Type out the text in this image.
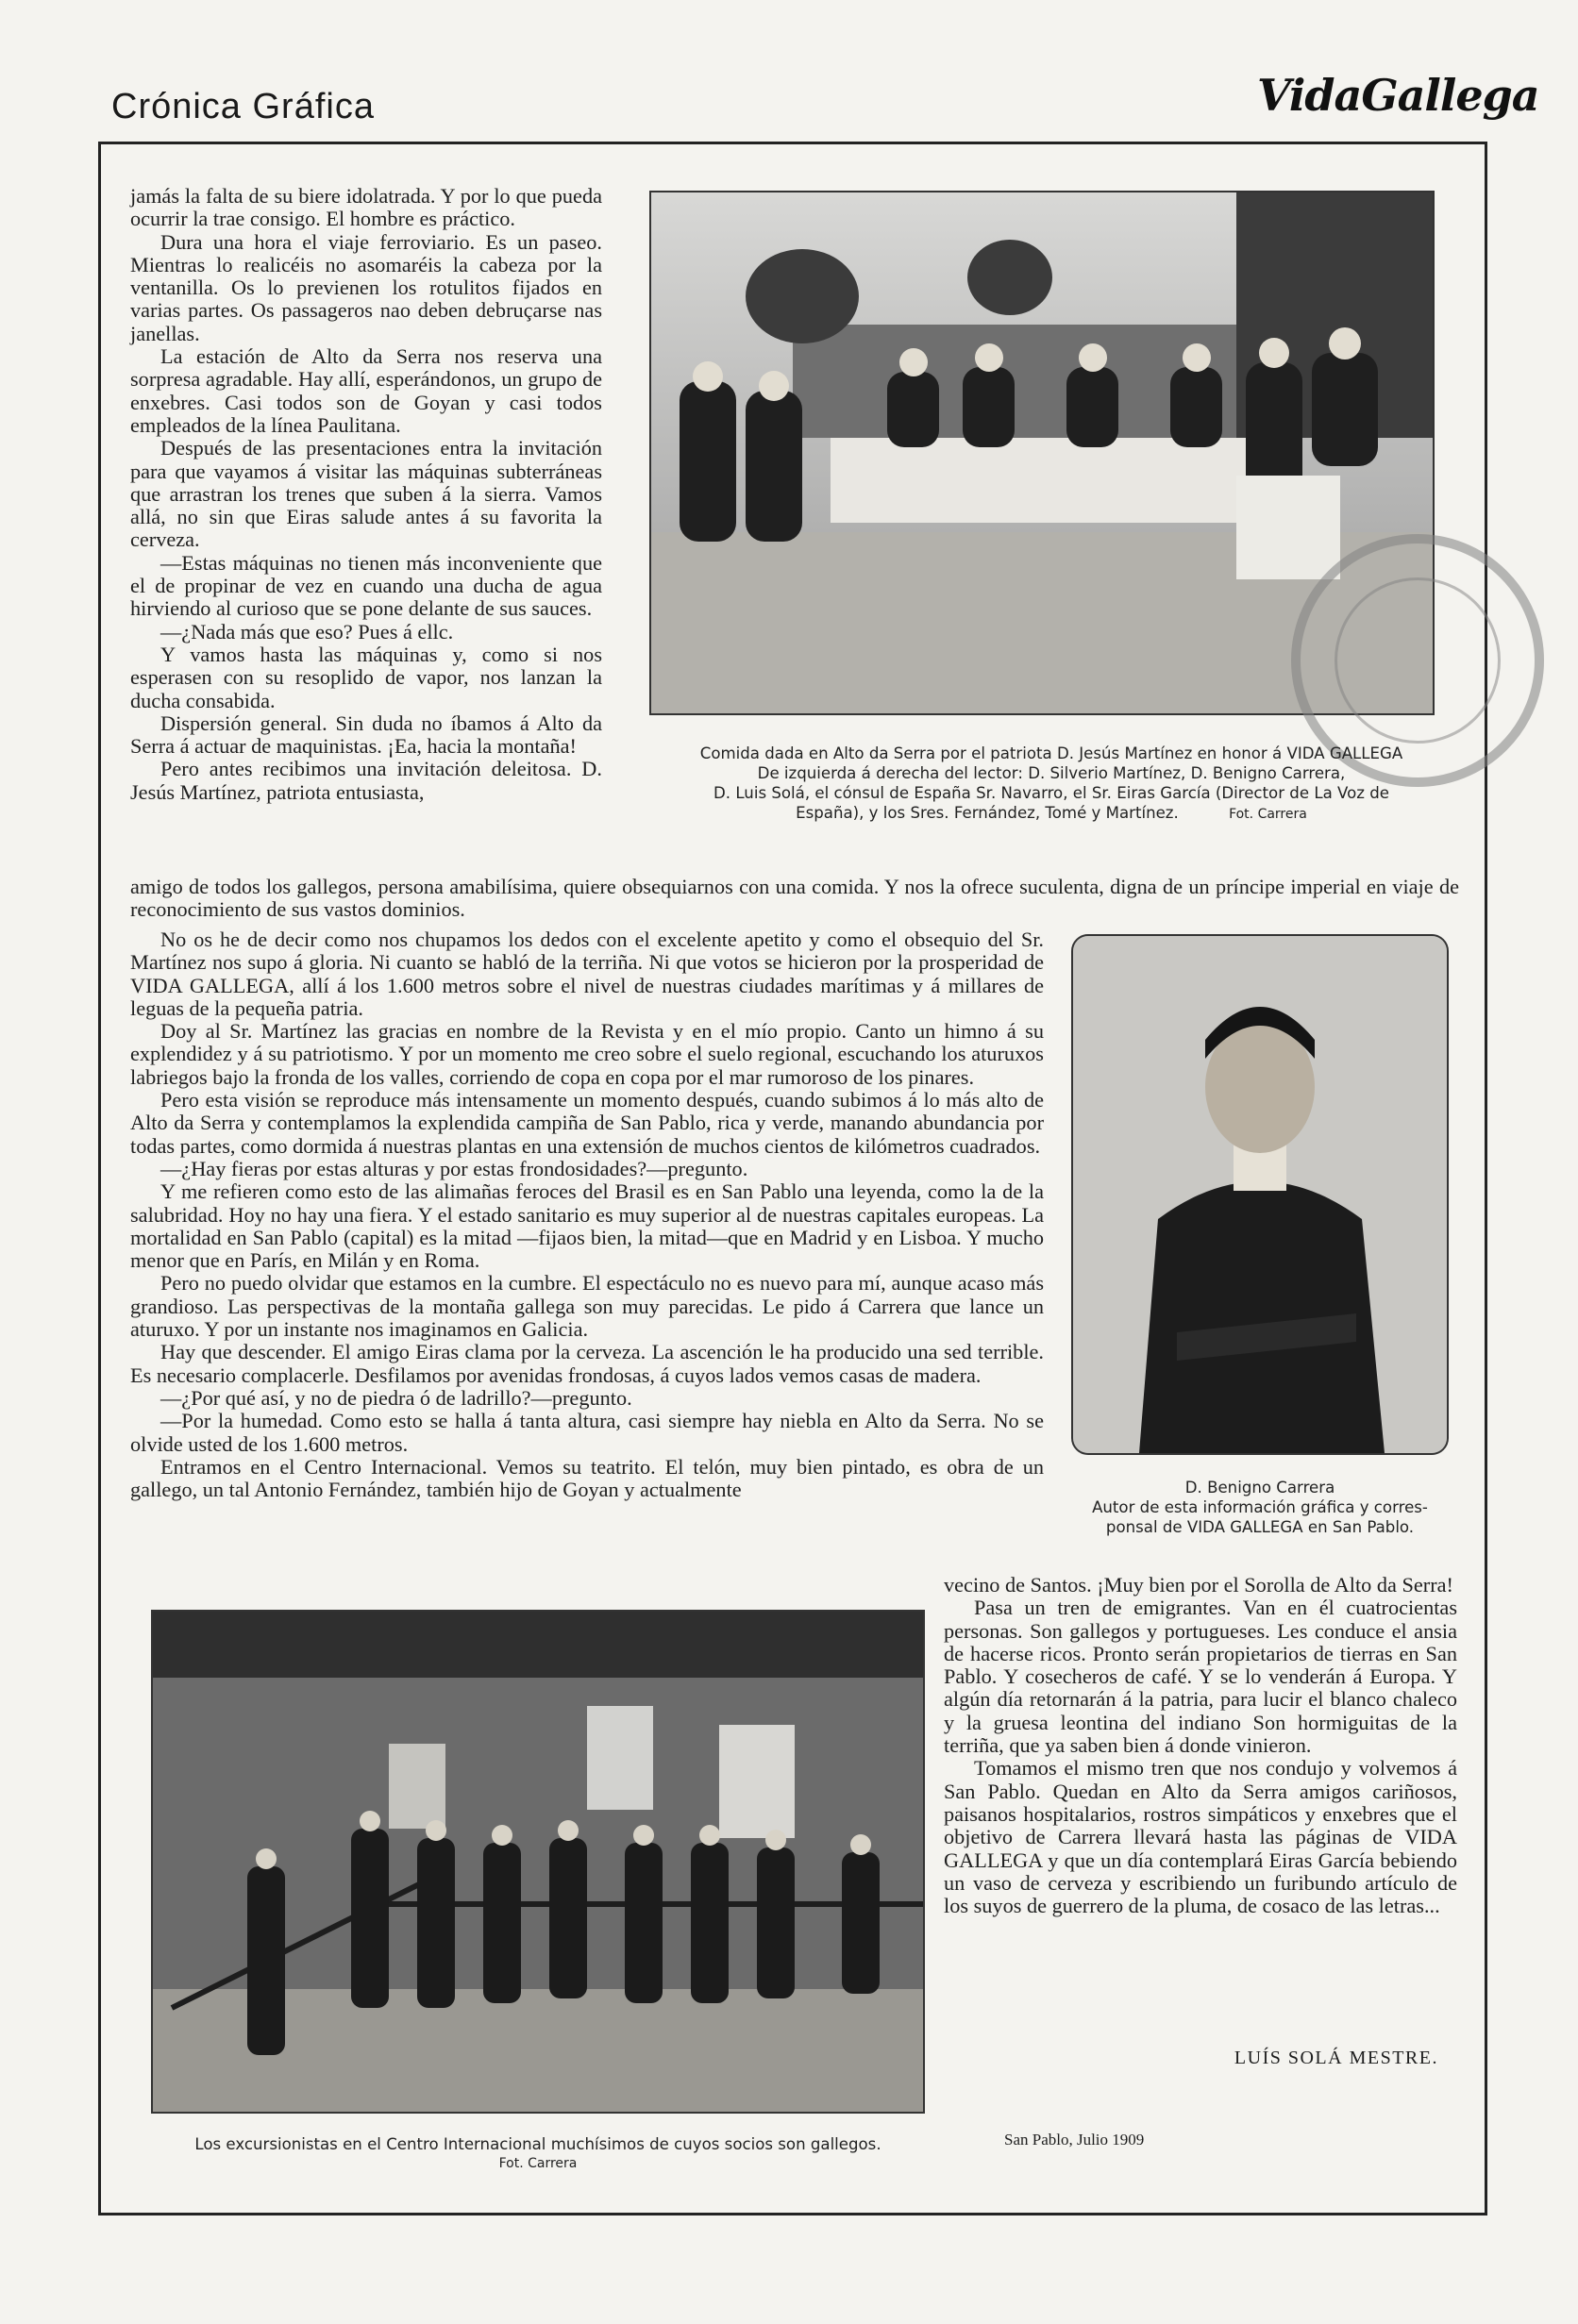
Crónica Gráfica	VidaGallega

jamás la falta de su biere idolatrada. Y por lo que pueda ocurrir la trae consigo. El hombre es práctico.

Dura una hora el viaje ferroviario. Es un paseo. Mientras lo realicéis no asomaréis la cabeza por la ventanilla. Os lo previenen los rotulitos fijados en varias partes. Os passageros nao deben debruçarse nas janellas.

La estación de Alto da Serra nos reserva una sorpresa agradable. Hay allí, esperándonos, un grupo de enxebres. Casi todos son de Goyan y casi todos empleados de la línea Paulitana.

Después de las presentaciones entra la invitación para que vayamos á visitar las máquinas subterráneas que arrastran los trenes que suben á la sierra. Vamos allá, no sin que Eiras salude antes á su favorita la cerveza.

—Estas máquinas no tienen más inconveniente que el de propinar de vez en cuando una ducha de agua hirviendo al curioso que se pone delante de sus sauces.

—¿Nada más que eso? Pues á ellc.

Y vamos hasta las máquinas y, como si nos esperasen con su resoplido de vapor, nos lanzan la ducha consabida.

Dispersión general. Sin duda no íbamos á Alto da Serra á actuar de maquinistas. ¡Ea, hacia la montaña!

Pero antes recibimos una invitación deleitosa. D. Jesús Martínez, patriota entusiasta,

Comida dada en Alto da Serra por el patriota D. Jesús Martínez en honor á VIDA GALLEGA
De izquierda á derecha del lector: D. Silverio Martínez, D. Benigno Carrera,
D. Luis Solá, el cónsul de España Sr. Navarro, el Sr. Eiras García (Director de La Voz de
España), y los Sres. Fernández, Tomé y Martínez.	Fot. Carrera

amigo de todos los gallegos, persona amabilísima, quiere obsequiarnos con una comida. Y nos la ofrece suculenta, digna de un príncipe imperial en viaje de reconocimiento de sus vastos dominios.

No os he de decir como nos chupamos los dedos con el excelente apetito y como el obsequio del Sr. Martínez nos supo á gloria. Ni cuanto se habló de la terriña. Ni que votos se hicieron por la prosperidad de VIDA GALLEGA, allí á los 1.600 metros sobre el nivel de nuestras ciudades marítimas y á millares de leguas de la pequeña patria.

Doy al Sr. Martínez las gracias en nombre de la Revista y en el mío propio. Canto un himno á su explendidez y á su patriotismo. Y por un momento me creo sobre el suelo regional, escuchando los aturuxos labriegos bajo la fronda de los valles, corriendo de copa en copa por el mar rumoroso de los pinares.

Pero esta visión se reproduce más intensamente un momento después, cuando subimos á lo más alto de Alto da Serra y contemplamos la explendida campiña de San Pablo, rica y verde, manando abundancia por todas partes, como dormida á nuestras plantas en una extensión de muchos cientos de kilómetros cuadrados.

—¿Hay fieras por estas alturas y por estas frondosidades?—pregunto.

Y me refieren como esto de las alimañas feroces del Brasil es en San Pablo una leyenda, como la de la salubridad. Hoy no hay una fiera. Y el estado sanitario es muy superior al de nuestras capitales europeas. La mortalidad en San Pablo (capital) es la mitad —fijaos bien, la mitad—que en Madrid y en Lisboa. Y mucho menor que en París, en Milán y en Roma.

Pero no puedo olvidar que estamos en la cumbre. El espectáculo no es nuevo para mí, aunque acaso más grandioso. Las perspectivas de la montaña gallega son muy parecidas. Le pido á Carrera que lance un aturuxo. Y por un instante nos imaginamos en Galicia.

Hay que descender. El amigo Eiras clama por la cerveza. La ascención le ha producido una sed terrible. Es necesario complacerle. Desfilamos por avenidas frondosas, á cuyos lados vemos casas de madera.

—¿Por qué así, y no de piedra ó de ladrillo?—pregunto.

—Por la humedad. Como esto se halla á tanta altura, casi siempre hay niebla en Alto da Serra. No se olvide usted de los 1.600 metros.

Entramos en el Centro Internacional. Vemos su teatrito. El telón, muy bien pintado, es obra de un gallego, un tal Antonio Fernández, también hijo de Goyan y actualmente	D. Benigno Carrera
Autor de esta información gráfica y corres-
ponsal de VIDA GALLEGA en San Pablo.

vecino de Santos. ¡Muy bien por el Sorolla de Alto da Serra!

Pasa un tren de emigrantes. Van en él cuatrocientas personas. Son gallegos y portugueses. Les conduce el ansia de hacerse ricos. Pronto serán propietarios de tierras en San Pablo. Y cosecheros de café. Y se lo venderán á Europa. Y algún día retornarán á la patria, para lucir el blanco chaleco y la gruesa leontina del indiano Son hormiguitas de la terriña, que ya saben bien á donde vinieron.

Tomamos el mismo tren que nos condujo y volvemos á San Pablo. Quedan en Alto da Serra amigos cariñosos, paisanos hospitalarios, rostros simpáticos y enxebres que el objetivo de Carrera llevará hasta las páginas de VIDA GALLEGA y que un día contemplará Eiras García bebiendo un vaso de cerveza y escribiendo un furibundo artículo de los suyos de guerrero de la pluma, de cosaco de las letras...

LUÍS SOLÁ MESTRE.
Los excursionistas en el Centro Internacional muchísimos de cuyos socios son gallegos.
Fot. Carrera
San Pablo, Julio 1909
